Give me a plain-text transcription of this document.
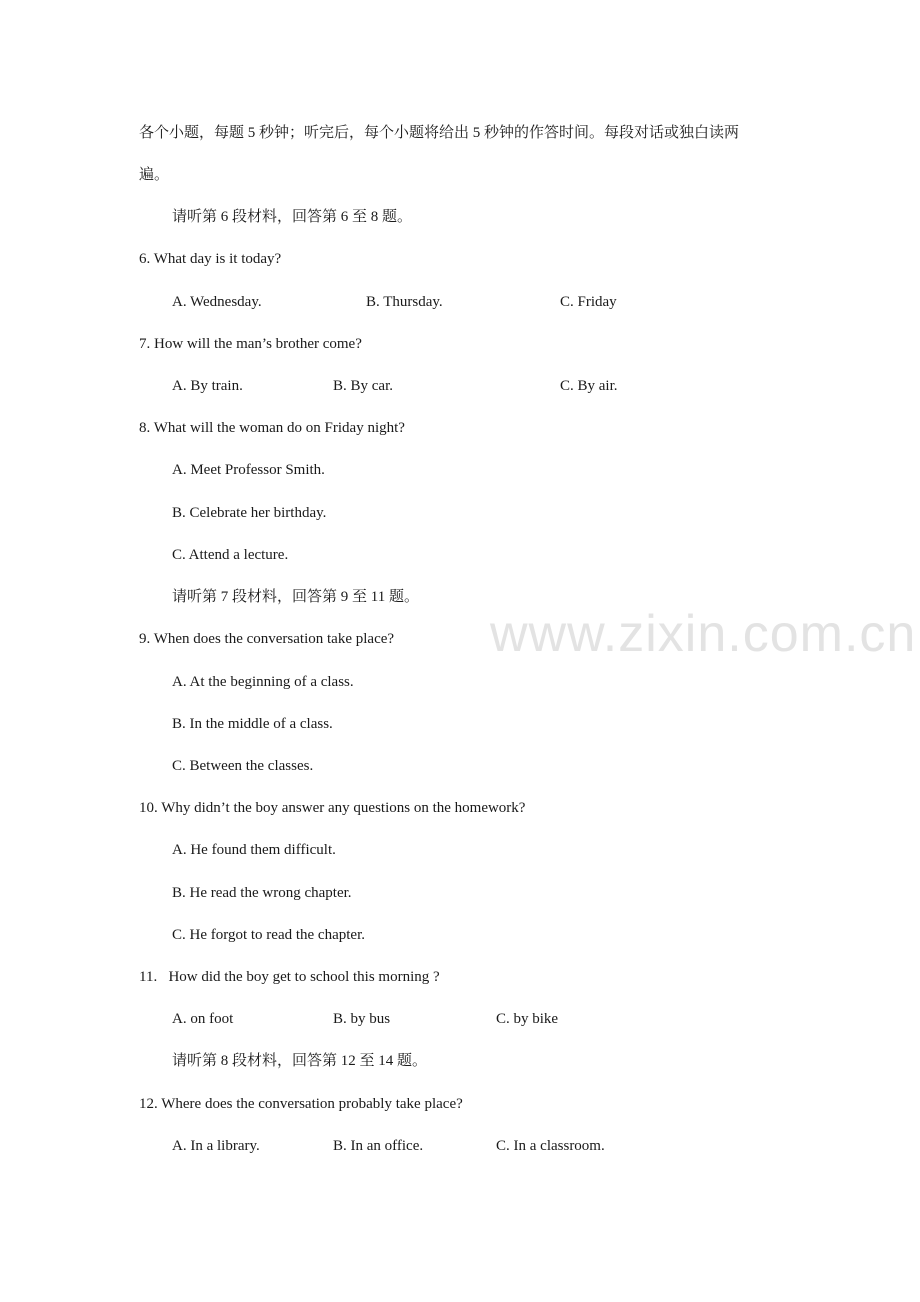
www.zixin.com.cn
各个小题，每题 5 秒钟；听完后，每个小题将给出 5 秒钟的作答时间。每段对话或独白读两
遍。
请听第 6 段材料，回答第 6 至 8 题。
6. What day is it today?
A. Wednesday.	B. Thursday.	C. Friday
7. How will the man’s brother come?
A. By train.	B. By car.	C. By air.
8. What will the woman do on Friday night?
A. Meet Professor Smith.
B. Celebrate her birthday.
C. Attend a lecture.
请听第 7 段材料，回答第 9 至 11 题。
9. When does the conversation take place?
A. At the beginning of a class.
B. In the middle of a class.
C. Between the classes.
10. Why didn’t the boy answer any questions on the homework?
A. He found them difficult.
B. He read the wrong chapter.
C. He forgot to read the chapter.
11.   How did the boy get to school this morning ?
A. on foot	B. by bus	C. by bike
请听第 8 段材料，回答第 12 至 14 题。
12. Where does the conversation probably take place?
A. In a library.	B. In an office.	C. In a classroom.
